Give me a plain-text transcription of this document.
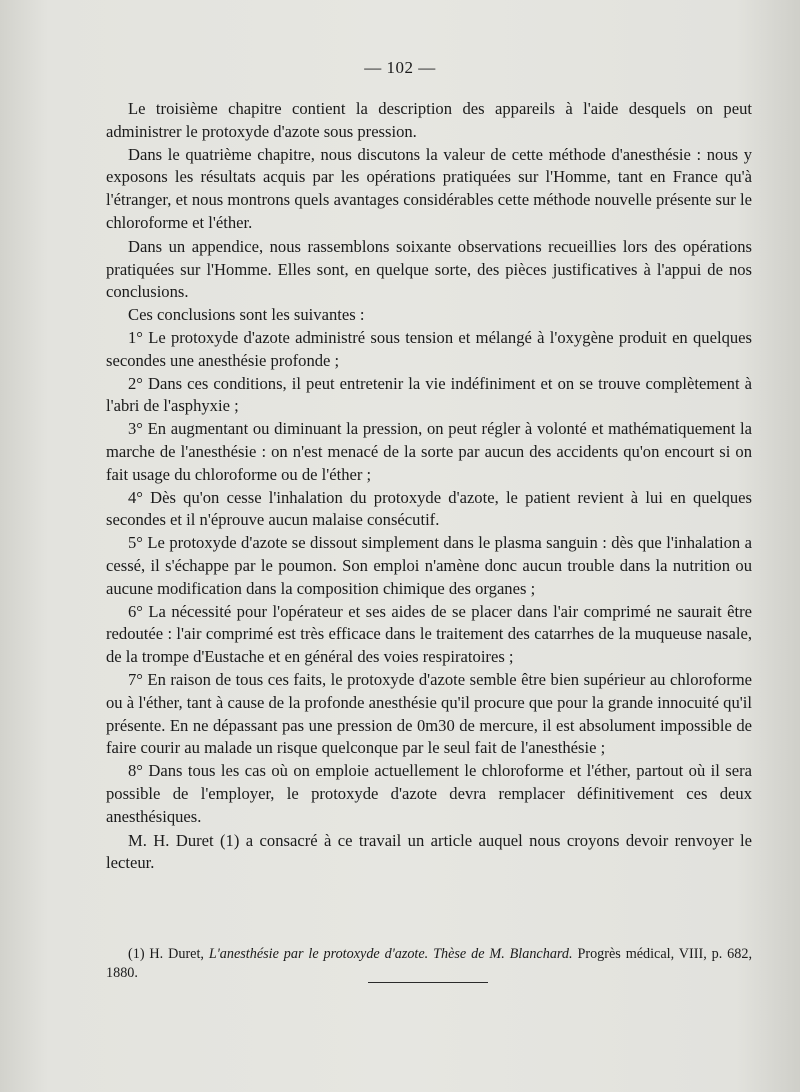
— 102 —

Le troisième chapitre contient la description des appareils à l'aide desquels on peut administrer le protoxyde d'azote sous pression.

Dans le quatrième chapitre, nous discutons la valeur de cette méthode d'anesthésie : nous y exposons les résultats acquis par les opérations pratiquées sur l'Homme, tant en France qu'à l'étranger, et nous montrons quels avantages considérables cette méthode nouvelle présente sur le chloroforme et l'éther.

Dans un appendice, nous rassemblons soixante observations recueillies lors des opérations pratiquées sur l'Homme. Elles sont, en quelque sorte, des pièces justificatives à l'appui de nos conclusions.

Ces conclusions sont les suivantes :

1° Le protoxyde d'azote administré sous tension et mélangé à l'oxygène produit en quelques secondes une anesthésie profonde ;

2° Dans ces conditions, il peut entretenir la vie indéfiniment et on se trouve complètement à l'abri de l'asphyxie ;

3° En augmentant ou diminuant la pression, on peut régler à volonté et mathématiquement la marche de l'anesthésie : on n'est menacé de la sorte par aucun des accidents qu'on encourt si on fait usage du chloroforme ou de l'éther ;

4° Dès qu'on cesse l'inhalation du protoxyde d'azote, le patient revient à lui en quelques secondes et il n'éprouve aucun malaise consécutif.

5° Le protoxyde d'azote se dissout simplement dans le plasma sanguin : dès que l'inhalation a cessé, il s'échappe par le poumon. Son emploi n'amène donc aucun trouble dans la nutrition ou aucune modification dans la composition chimique des organes ;

6° La nécessité pour l'opérateur et ses aides de se placer dans l'air comprimé ne saurait être redoutée : l'air comprimé est très efficace dans le traitement des catarrhes de la muqueuse nasale, de la trompe d'Eustache et en général des voies respiratoires ;

7° En raison de tous ces faits, le protoxyde d'azote semble être bien supérieur au chloroforme ou à l'éther, tant à cause de la profonde anesthésie qu'il procure que pour la grande innocuité qu'il présente. En ne dépassant pas une pression de 0m30 de mercure, il est absolument impossible de faire courir au malade un risque quelconque par le seul fait de l'anesthésie ;

8° Dans tous les cas où on emploie actuellement le chloroforme et l'éther, partout où il sera possible de l'employer, le protoxyde d'azote devra remplacer définitivement ces deux anesthésiques.

M. H. Duret (1) a consacré à ce travail un article auquel nous croyons devoir renvoyer le lecteur.

(1) H. Duret, L'anesthésie par le protoxyde d'azote. Thèse de M. Blanchard. Progrès médical, VIII, p. 682, 1880.
